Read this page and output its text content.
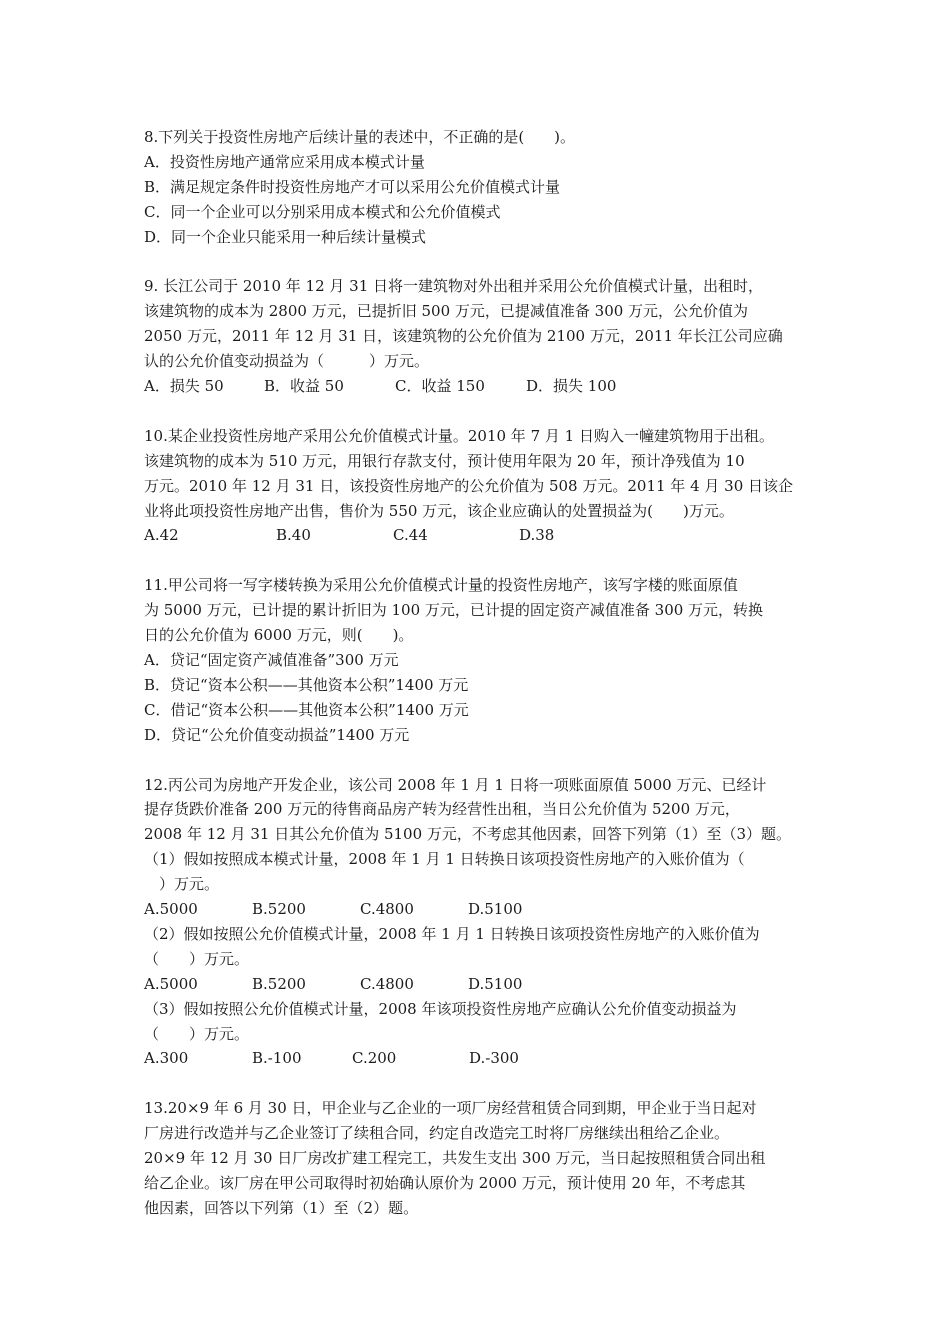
8.下列关于投资性房地产后续计量的表述中，不正确的是(　　)。
A．投资性房地产通常应采用成本模式计量
B．满足规定条件时投资性房地产才可以采用公允价值模式计量
C．同一个企业可以分别采用成本模式和公允价值模式
D．同一个企业只能采用一种后续计量模式
9. 长江公司于 2010 年 12 月 31 日将一建筑物对外出租并采用公允价值模式计量，出租时，
该建筑物的成本为 2800 万元，已提折旧 500 万元，已提减值准备 300 万元，公允价值为
2050 万元，2011 年 12 月 31 日，该建筑物的公允价值为 2100 万元，2011 年长江公司应确
认的公允价值变动损益为（　　　）万元。
A．损失 50	B．收益 50	C．收益 150	D．损失 100
10.某企业投资性房地产采用公允价值模式计量。2010 年 7 月 1 日购入一幢建筑物用于出租。
该建筑物的成本为 510 万元，用银行存款支付，预计使用年限为 20 年，预计净残值为 10
万元。2010 年 12 月 31 日，该投资性房地产的公允价值为 508 万元。2011 年 4 月 30 日该企
业将此项投资性房地产出售，售价为 550 万元，该企业应确认的处置损益为(　　)万元。
A.42	B.40	C.44	D.38
11.甲公司将一写字楼转换为采用公允价值模式计量的投资性房地产，该写字楼的账面原值
为 5000 万元，已计提的累计折旧为 100 万元，已计提的固定资产减值准备 300 万元，转换
日的公允价值为 6000 万元，则(　　)。
A．贷记“固定资产减值准备”300 万元
B．贷记“资本公积——其他资本公积”1400 万元
C．借记“资本公积——其他资本公积”1400 万元
D．贷记“公允价值变动损益”1400 万元
12.丙公司为房地产开发企业，该公司 2008 年 1 月 1 日将一项账面原值 5000 万元、已经计
提存货跌价准备 200 万元的待售商品房产转为经营性出租，当日公允价值为 5200 万元，
2008 年 12 月 31 日其公允价值为 5100 万元，不考虑其他因素，回答下列第（1）至（3）题。
（1）假如按照成本模式计量，2008 年 1 月 1 日转换日该项投资性房地产的入账价值为（
　）万元。
A.5000	B.5200	C.4800	D.5100
（2）假如按照公允价值模式计量，2008 年 1 月 1 日转换日该项投资性房地产的入账价值为
（　　）万元。
A.5000	B.5200	C.4800	D.5100
（3）假如按照公允价值模式计量，2008 年该项投资性房地产应确认公允价值变动损益为
（　　）万元。
A.300	B.-100	C.200	D.-300
13.20×9 年 6 月 30 日，甲企业与乙企业的一项厂房经营租赁合同到期，甲企业于当日起对
厂房进行改造并与乙企业签订了续租合同，约定自改造完工时将厂房继续出租给乙企业。
20×9 年 12 月 30 日厂房改扩建工程完工，共发生支出 300 万元，当日起按照租赁合同出租
给乙企业。该厂房在甲公司取得时初始确认原价为 2000 万元，预计使用 20 年，不考虑其
他因素，回答以下列第（1）至（2）题。
